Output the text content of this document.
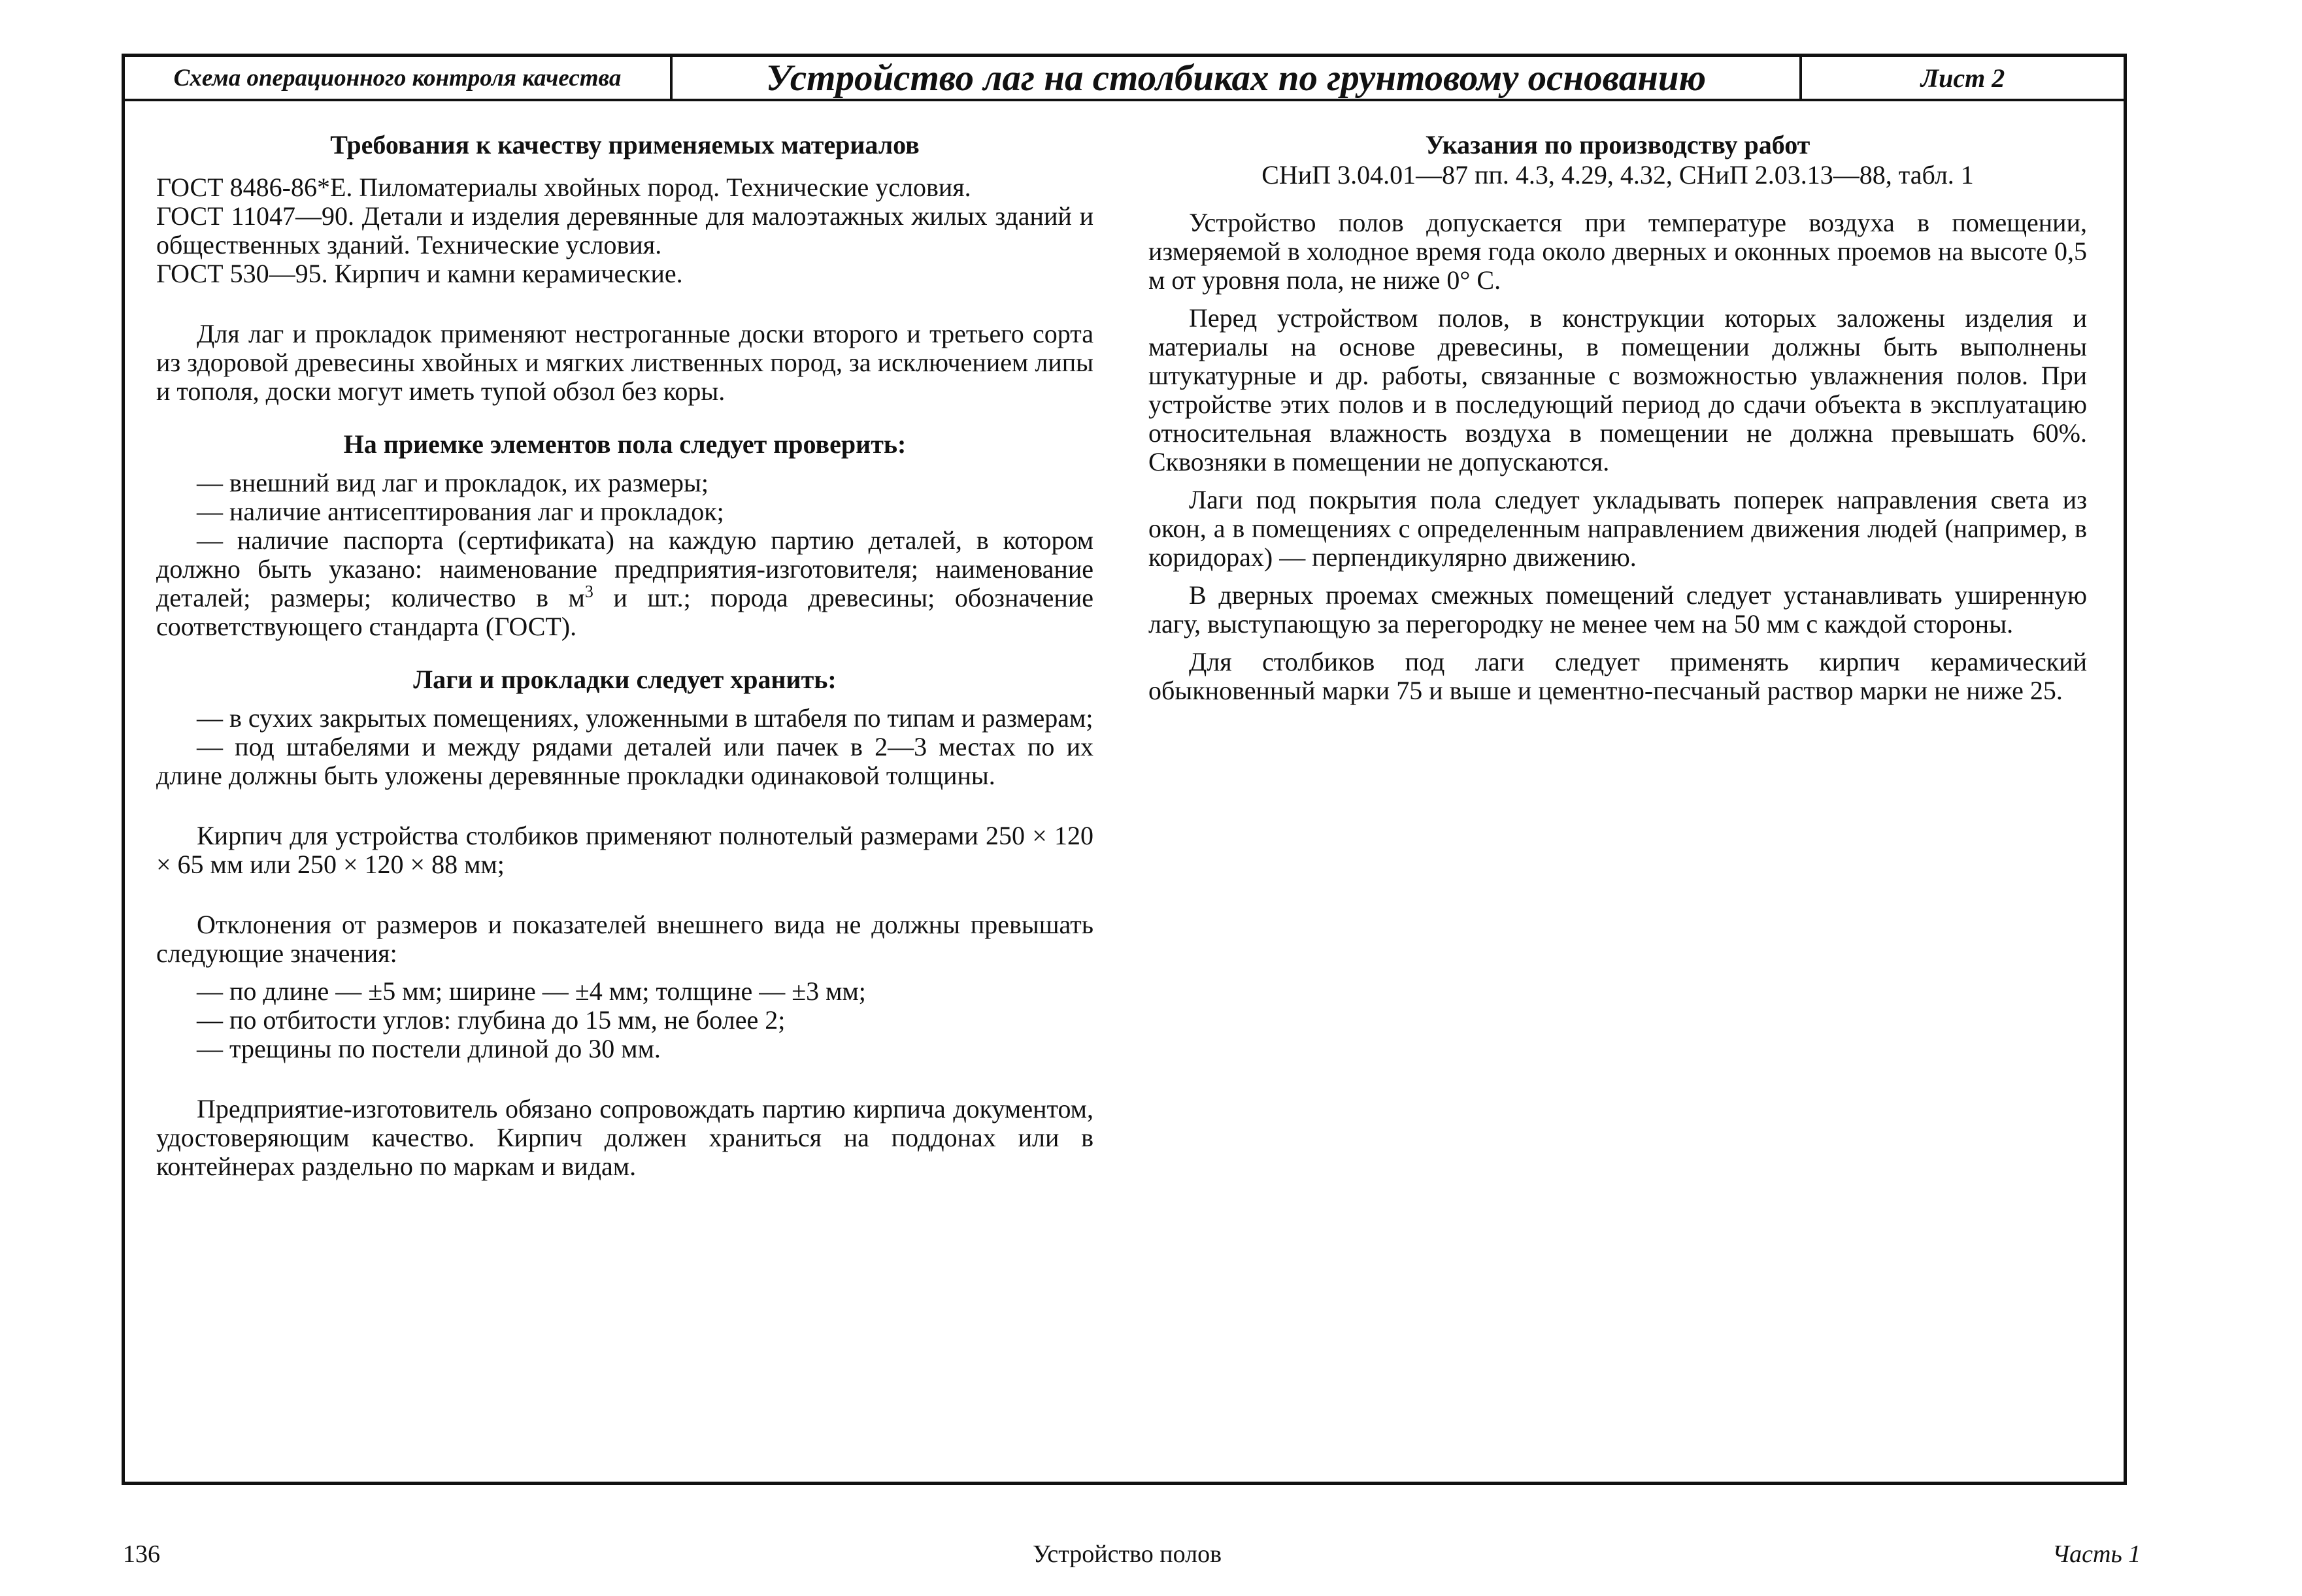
Схема операционного контроля качества	Устройство лаг на столбиках по грунтовому основанию	Лист 2
Требования к качеству применяемых материалов

ГОСТ 8486-86*Е. Пиломатериалы хвойных пород. Технические условия.

ГОСТ 11047—90. Детали и изделия деревянные для малоэтажных жилых зданий и общественных зданий. Технические условия.

ГОСТ 530—95. Кирпич и камни керамические.

Для лаг и прокладок применяют нестроганные доски второго и третьего сорта из здоровой древесины хвойных и мягких лиственных пород, за исключением липы и тополя, доски могут иметь тупой обзол без коры.

На приемке элементов пола следует проверить:

— внешний вид лаг и прокладок, их размеры;

— наличие антисептирования лаг и прокладок;

— наличие паспорта (сертификата) на каждую партию деталей, в котором должно быть указано: наименование предприятия-изготовителя; наименование деталей; размеры; количество в $м^3$ и шт.; порода древесины; обозначение соответствующего стандарта (ГОСТ).

Лаги и прокладки следует хранить:

— в сухих закрытых помещениях, уложенными в штабеля по типам и размерам;

— под штабелями и между рядами деталей или пачек в 2—3 местах по их длине должны быть уложены деревянные прокладки одинаковой толщины.

Кирпич для устройства столбиков применяют полнотелый размерами 250 × 120 × 65 мм или 250 × 120 × 88 мм;

Отклонения от размеров и показателей внешнего вида не должны превышать следующие значения:

— по длине — ±5 мм; ширине — ±4 мм; толщине — ±3 мм;

— по отбитости углов: глубина до 15 мм, не более 2;

— трещины по постели длиной до 30 мм.

Предприятие-изготовитель обязано сопровождать партию кирпича документом, удостоверяющим качество. Кирпич должен храниться на поддонах или в контейнерах раздельно по маркам и видам.

Указания по производству работ
СНиП 3.04.01—87 пп. 4.3, 4.29, 4.32, СНиП 2.03.13—88, табл. 1

Устройство полов допускается при температуре воздуха в помещении, измеряемой в холодное время года около дверных и оконных проемов на высоте 0,5 м от уровня пола, не ниже 0° С.

Перед устройством полов, в конструкции которых заложены изделия и материалы на основе древесины, в помещении должны быть выполнены штукатурные и др. работы, связанные с возможностью увлажнения полов. При устройстве этих полов и в последующий период до сдачи объекта в эксплуатацию относительная влажность воздуха в помещении не должна превышать 60%. Сквозняки в помещении не допускаются.

Лаги под покрытия пола следует укладывать поперек направления света из окон, а в помещениях с определенным направлением движения людей (например, в коридорах) — перпендикулярно движению.

В дверных проемах смежных помещений следует устанавливать уширенную лагу, выступающую за перегородку не менее чем на 50 мм с каждой стороны.

Для столбиков под лаги следует применять кирпич керамический обыкновенный марки 75 и выше и цементно-песчаный раствор марки не ниже 25.

136	Устройство полов	Часть 1
